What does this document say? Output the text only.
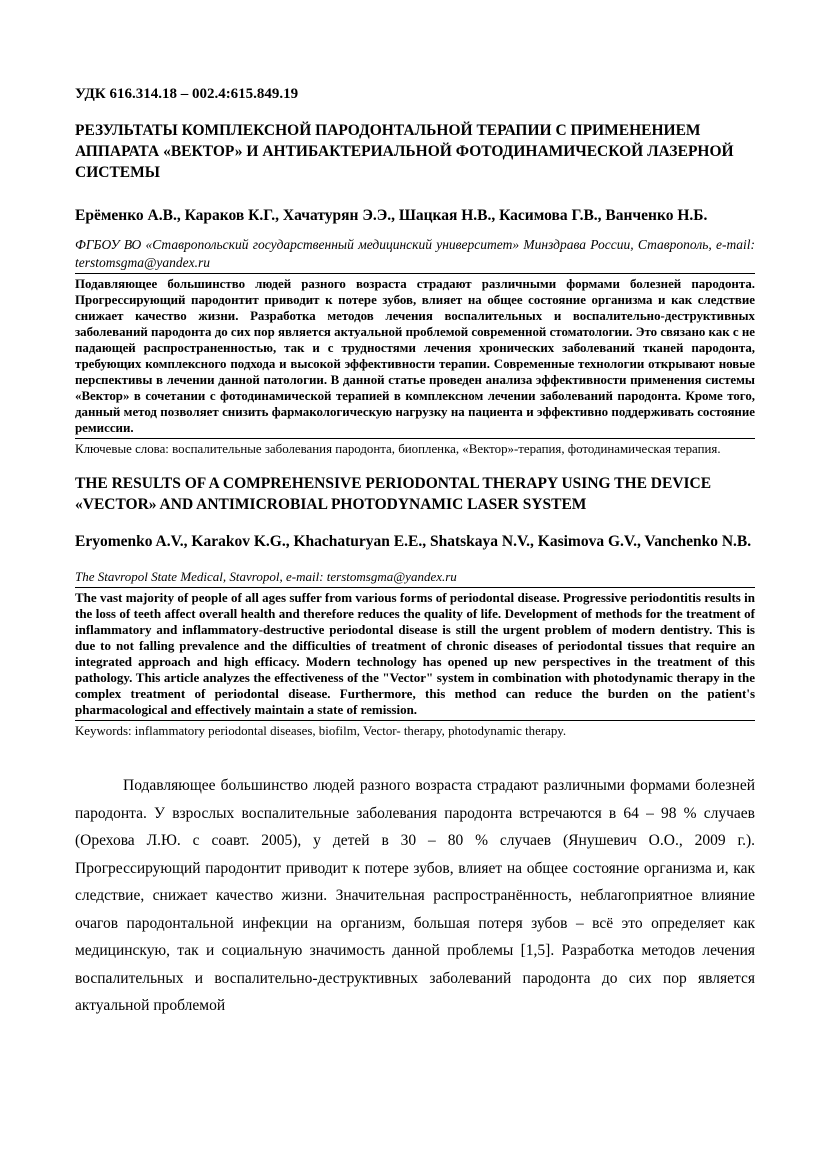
УДК 616.314.18 – 002.4:615.849.19

РЕЗУЛЬТАТЫ КОМПЛЕКСНОЙ ПАРОДОНТАЛЬНОЙ ТЕРАПИИ С ПРИМЕНЕНИЕМ АППАРАТА «ВЕКТОР» И АНТИБАКТЕРИАЛЬНОЙ ФОТОДИНАМИЧЕСКОЙ ЛАЗЕРНОЙ СИСТЕМЫ

Ерёменко А.В., Караков К.Г., Хачатурян Э.Э., Шацкая Н.В., Касимова Г.В., Ванченко Н.Б.

ФГБОУ ВО «Ставропольский государственный медицинский университет» Минздрава России, Ставрополь, e-mail: terstomsgma@yandex.ru

Подавляющее большинство людей разного возраста страдают различными формами болезней пародонта. Прогрессирующий пародонтит приводит к потере зубов, влияет на общее состояние организма и как следствие снижает качество жизни. Разработка методов лечения воспалительных и воспалительно-деструктивных заболеваний пародонта до сих пор является актуальной проблемой современной стоматологии. Это связано как с не падающей распространенностью, так и с трудностями лечения хронических заболеваний тканей пародонта, требующих комплексного подхода и высокой эффективности терапии. Современные технологии открывают новые перспективы в лечении данной патологии. В данной статье проведен анализа эффективности применения системы «Вектор» в сочетании с фотодинамической терапией в комплексном лечении заболеваний пародонта. Кроме того, данный метод позволяет снизить фармакологическую нагрузку на пациента и эффективно поддерживать состояние ремиссии.

Ключевые слова: воспалительные заболевания пародонта, биопленка, «Вектор»-терапия, фотодинамическая терапия.

THE RESULTS OF A COMPREHENSIVE PERIODONTAL THERAPY USING THE DEVICE «VECTOR» AND ANTIMICROBIAL PHOTODYNAMIC LASER SYSTEM

Eryomenko A.V., Karakov K.G., Khachaturyan E.E., Shatskaya N.V., Kasimova G.V., Vanchenko N.B.

The Stavropol State Medical, Stavropol, e-mail: terstomsgma@yandex.ru

The vast majority of people of all ages suffer from various forms of periodontal disease. Progressive periodontitis results in the loss of teeth affect overall health and therefore reduces the quality of life. Development of methods for the treatment of inflammatory and inflammatory-destructive periodontal disease is still the urgent problem of modern dentistry. This is due to not falling prevalence and the difficulties of treatment of chronic diseases of periodontal tissues that require an integrated approach and high efficacy. Modern technology has opened up new perspectives in the treatment of this pathology. This article analyzes the effectiveness of the "Vector" system in combination with photodynamic therapy in the complex treatment of periodontal disease. Furthermore, this method can reduce the burden on the patient's pharmacological and effectively maintain a state of remission.

Keywords: inflammatory periodontal diseases, biofilm, Vector- therapy, photodynamic therapy.

Подавляющее большинство людей разного возраста страдают различными формами болезней пародонта. У взрослых воспалительные заболевания пародонта встречаются в 64 – 98 % случаев (Орехова Л.Ю. с соавт. 2005), у детей в 30 – 80 % случаев (Янушевич О.О., 2009 г.). Прогрессирующий пародонтит приводит к потере зубов, влияет на общее состояние организма и, как следствие, снижает качество жизни. Значительная распространённость, неблагоприятное влияние очагов пародонтальной инфекции на организм, большая потеря зубов – всё это определяет как медицинскую, так и социальную значимость данной проблемы [1,5]. Разработка методов лечения воспалительных и воспалительно-деструктивных заболеваний пародонта до сих пор является актуальной проблемой
